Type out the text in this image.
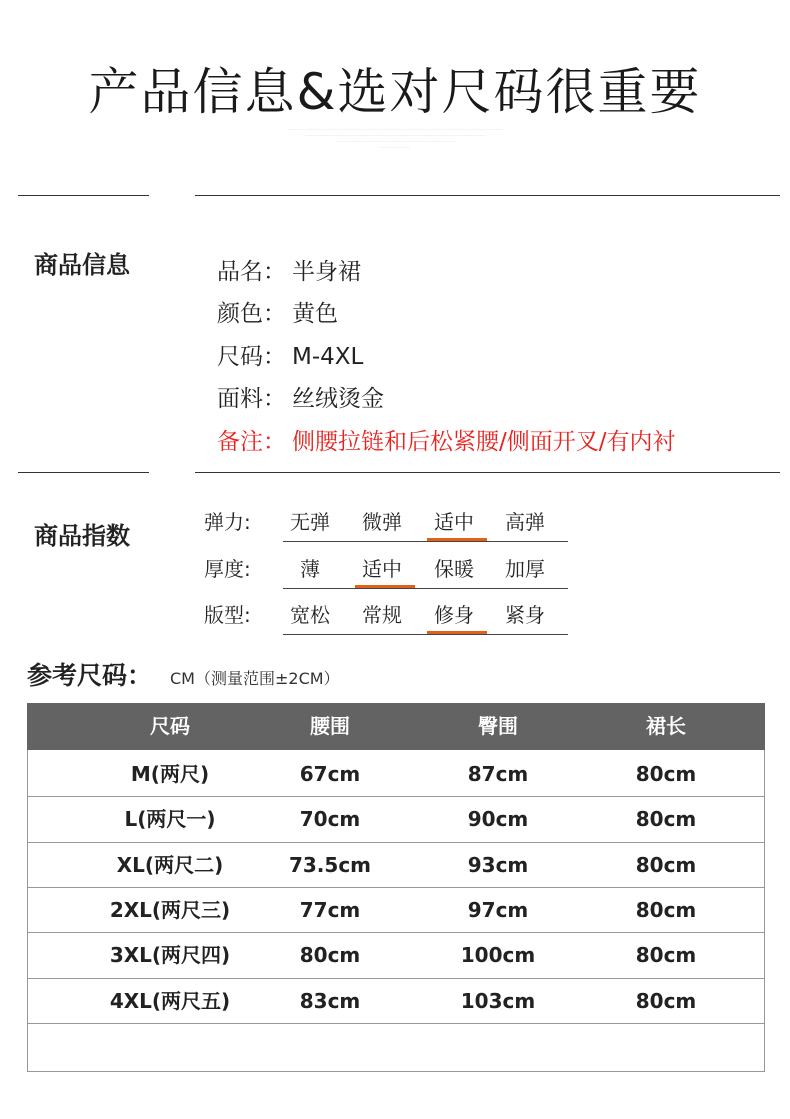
产品信息&选对尺码很重要
···································································································································································································································
····························································································································································································
·····························································································································
·······························
商品信息	品名： 半身裙
颜色： 黄色
尺码： M-4XL
面料： 丝绒烫金
备注： 侧腰拉链和后松紧腰/侧面开叉/有内衬
商品指数	弹力:	无弹	微弹	适中	高弹
厚度:	薄	适中	保暖	加厚
版型:	宽松	常规	修身	紧身
参考尺码： CM（测量范围±2CM）
尺码	腰围	臀围	裙长
M(两尺)	67cm	87cm	80cm
L(两尺一)	70cm	90cm	80cm
XL(两尺二)	73.5cm	93cm	80cm
2XL(两尺三)	77cm	97cm	80cm
3XL(两尺四)	80cm	100cm	80cm
4XL(两尺五)	83cm	103cm	80cm
